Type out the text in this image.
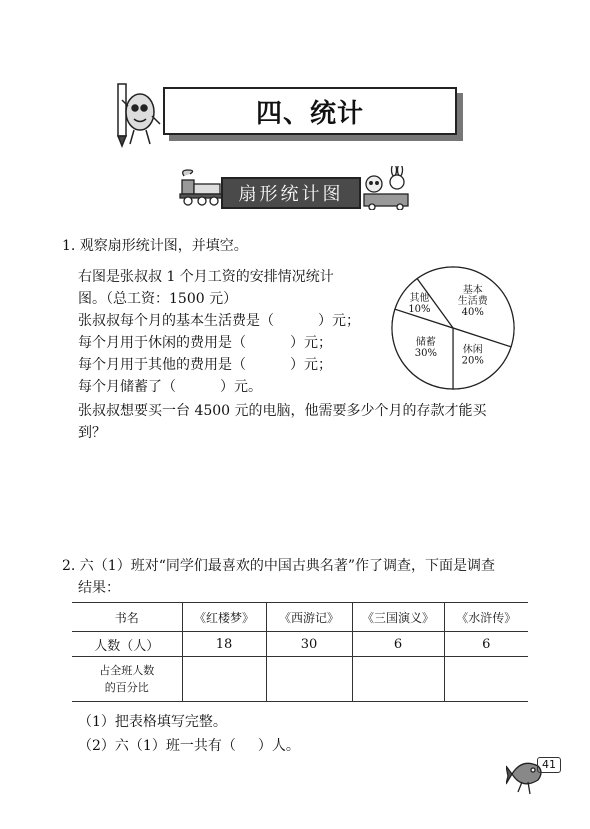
四、统计
扇形统计图
1. 观察扇形统计图，并填空。
右图是张叔叔 1 个月工资的安排情况统计
图。（总工资：1500 元）
张叔叔每个月的基本生活费是（	）元；
每个月用于休闲的费用是（	）元；
每个月用于其他的费用是（	）元；
每个月储蓄了（	）元。
张叔叔想要买一台 4500 元的电脑，他需要多少个月的存款才能买
到？
基本
生活费
40%
休闲
20%
储蓄
30%
其他
10%
2. 六（1）班对“同学们最喜欢的中国古典名著”作了调查，下面是调查
结果：
书名	《红楼梦》	《西游记》	《三国演义》	《水浒传》
人数（人）	18	30	6	6

占全班人数
的百分比				

（1）把表格填写完整。
（2）六（1）班一共有（ ）人。
41
